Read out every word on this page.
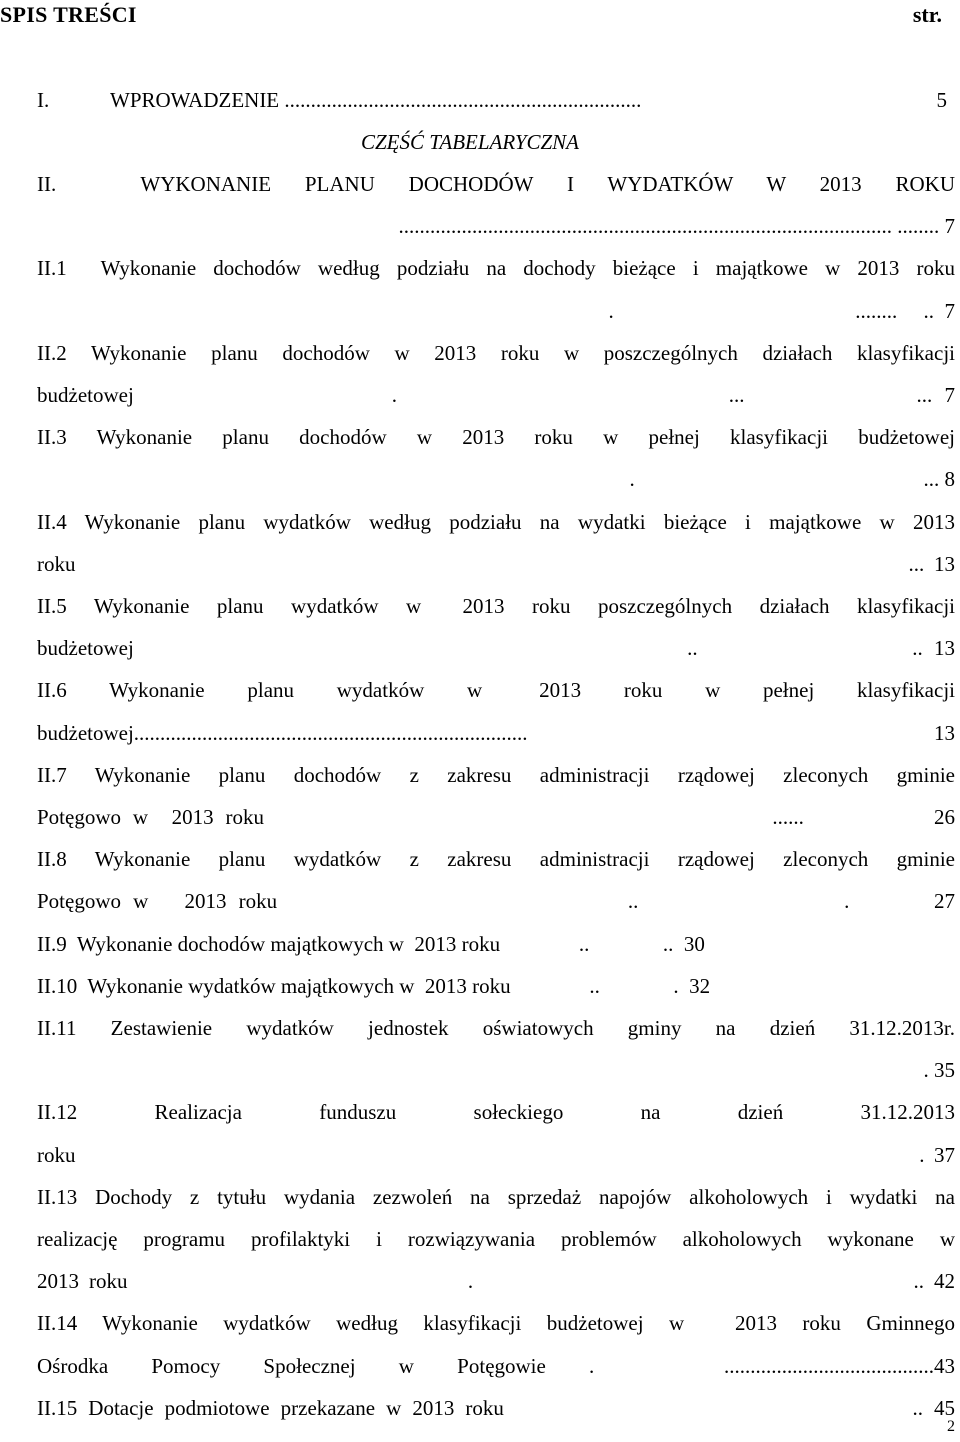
SPIS TREŚCI	str.
I.	WPROWADZENIE ....................................................................	5
CZĘŚĆ TABELARYCZNA
II.     WYKONANIE  PLANU  DOCHODÓW  I  WYDATKÓW  W  2013  ROKU
.............................................................................................. ........ 7
II.1  Wykonanie dochodów według podziału na dochody bieżące i majątkowe w 2013 roku
.                                              ........     ..  7
II.2  Wykonanie  planu  dochodów  w  2013  roku  w  poszczególnych  działach  klasyfikacji
budżetowej                     .                           ...              ... 7
II.3  Wykonanie  planu  dochodów  w  2013  roku  w  pełnej  klasyfikacji  budżetowej
.                                                       ... 8
II.4 Wykonanie planu wydatków według podziału na wydatki bieżące i majątkowe w 2013
roku                                                                                      ... 13
II.5  Wykonanie  planu  wydatków  w   2013  roku  poszczególnych  działach  klasyfikacji
budżetowej                                                 ..                   .. 13
II.6   Wykonanie   planu   wydatków   w    2013   roku   w   pełnej   klasyfikacji
budżetowej........................................................................... 13
II.7  Wykonanie  planu  dochodów  z  zakresu  administracji  rządowej  zleconych  gminie
Potęgowo w  2013 roku                                           ......           26
II.8  Wykonanie  planu  wydatków  z  zakresu  administracji  rządowej  zleconych  gminie
Potęgowo w   2013 roku                             ..                 .       27
II.9  Wykonanie dochodów majątkowych w  2013 roku               ..              ..  30
II.10  Wykonanie wydatków majątkowych w  2013 roku               ..              .  32
II.11   Zestawienie   wydatków   jednostek   oświatowych   gminy   na   dzień   31.12.2013r.
. 35
II.12        Realizacja        funduszu        sołeckiego        na        dzień        31.12.2013
roku                                                                                         . 37
II.13 Dochody z tytułu wydania zezwoleń na sprzedaż napojów alkoholowych i wydatki na
realizację  programu  profilaktyki  i  rozwiązywania  problemów  alkoholowych  wykonane  w
2013 roku                                  .                                            .. 42
II.14  Wykonanie  wydatków  według  klasyfikacji  budżetowej  w    2013  roku  Gminnego
Ośrodka Pomocy Społecznej w Potęgowie .   ........................................43
II.15 Dotacje podmiotowe przekazane w 2013 roku                                     .. 45
2
